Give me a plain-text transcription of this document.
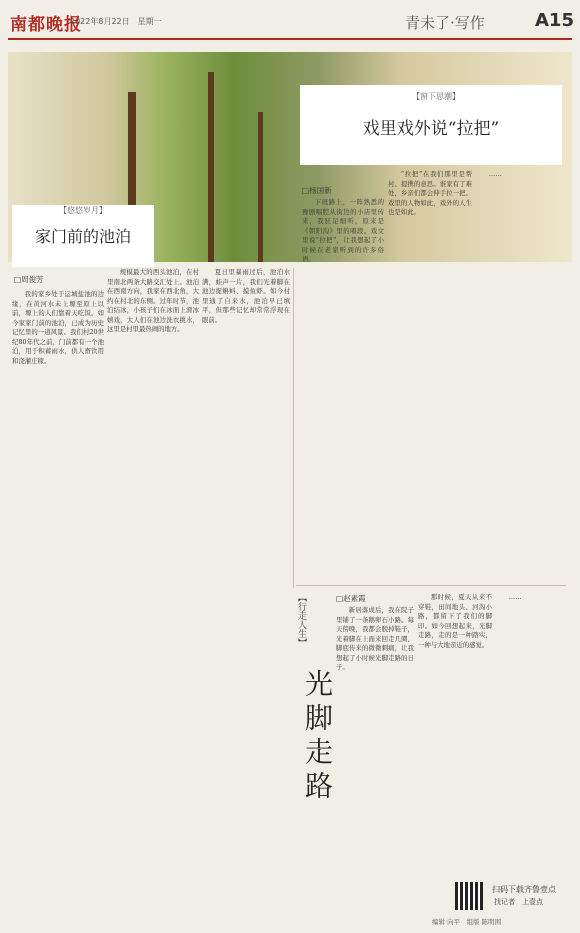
南都晚报
2022年8月22日　星期一	青未了·写作	A15
【悠悠岁月】
家门前的池泊
□周俊芳

我的家乡处于运城盐池的边缘，在黄河水未上塬至原上以前，塬上的人们靠着天吃饭。如今家家门前的池泊，已成为历史记忆里的一道风景。我们村20世纪80年代之前，门前都有一个池泊，用于积蓄雨水，供人畜饮用和浇灌庄稼。

规模最大的西头池泊，在村里南北两条大路交汇处上。池泊在西南方向，我家在西北角，大约在村北的东侧。过年时节，池泊结冰，小孩子们在冰面上滑冰嬉戏，大人们在池边洗衣挑水，这里是村里最热闹的地方。

夏日里暴雨过后，池泊水满，蛙声一片，我们光着脚在池边捉蝌蚪、摸鱼虾。如今村里通了自来水，池泊早已填平，但那些记忆却常常浮现在眼前。

【窗下思潮】
戏里戏外说“拉把”
□杨国新

下班路上，一阵熟悉的豫剧唱腔从街边的小店里传来，我驻足细听，原来是《朝阳沟》里的唱段。戏文里说“拉把”，让我想起了小时候在老家听到的许多俗语。

“拉把”在我们那里是帮衬、提携的意思。谁家有了难处，乡亲们都会伸手拉一把。戏里的人物如此，戏外的人生也是如此。

……

【行走人生】
光脚走路
□赵素霞

新居落成后，我在院子里铺了一条鹅卵石小路。每天傍晚，我都会脱掉鞋子，光着脚在上面来回走几圈，脚底传来的微微刺痛，让我想起了小时候光脚走路的日子。

那时候，夏天从来不穿鞋，田间地头、河沟小路，都留下了我们的脚印。如今回想起来，光脚走路，走的是一种踏实，一种与大地亲近的感觉。

……

扫码下载齐鲁壹点
找记者　上壹点
编辑 向平　组版 陈明围
